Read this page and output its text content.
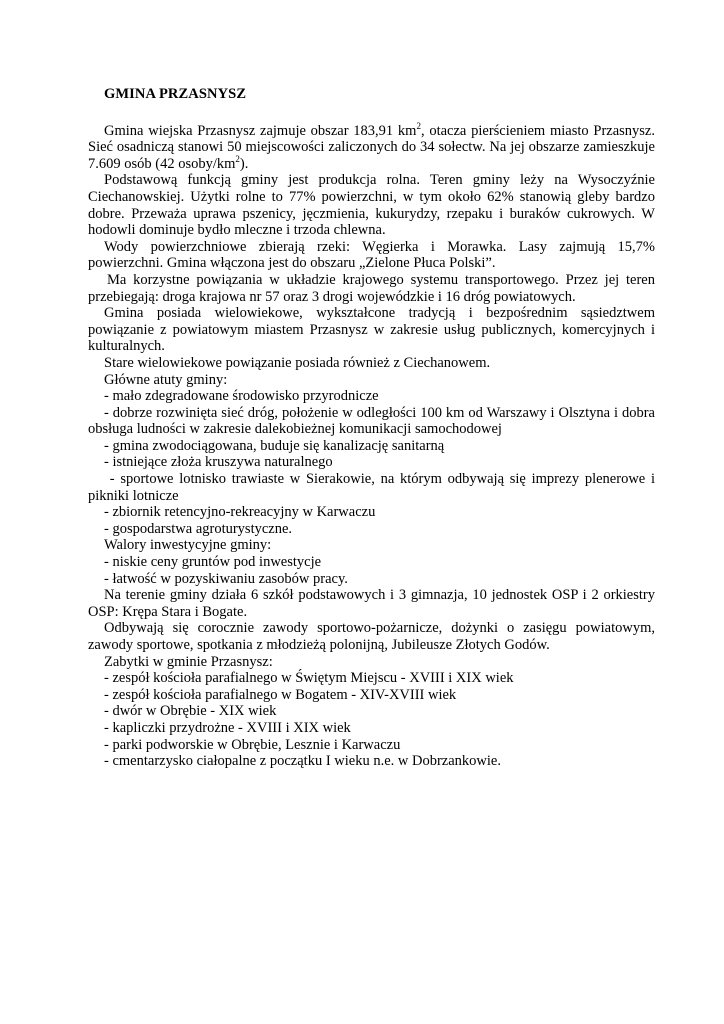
GMINA PRZASNYSZ

Gmina wiejska Przasnysz zajmuje obszar 183,91 $km^2$, otacza pierścieniem miasto Przasnysz. Sieć osadniczą stanowi 50 miejscowości zaliczonych do 34 sołectw. Na jej obszarze zamieszkuje 7.609 osób (42 osoby/$km^2$).

Podstawową funkcją gminy jest produkcja rolna. Teren gminy leży na Wysoczyźnie Ciechanowskiej. Użytki rolne to 77% powierzchni, w tym około 62% stanowią gleby bardzo dobre. Przeważa uprawa pszenicy, jęczmienia, kukurydzy, rzepaku i buraków cukrowych. W hodowli dominuje bydło mleczne i trzoda chlewna.

Wody powierzchniowe zbierają rzeki: Węgierka i Morawka. Lasy zajmują 15,7% powierzchni. Gmina włączona jest do obszaru „Zielone Płuca Polski”.

Ma korzystne powiązania w układzie krajowego systemu transportowego. Przez jej teren przebiegają: droga krajowa nr 57 oraz 3 drogi wojewódzkie i 16 dróg powiatowych.

Gmina posiada wielowiekowe, wykształcone tradycją i bezpośrednim sąsiedztwem powiązanie z powiatowym miastem Przasnysz w zakresie usług publicznych, komercyjnych i kulturalnych.

Stare wielowiekowe powiązanie posiada również z Ciechanowem.

Główne atuty gminy:

- mało zdegradowane środowisko przyrodnicze

- dobrze rozwinięta sieć dróg, położenie w odległości 100 km od Warszawy i Olsztyna i dobra obsługa ludności w zakresie dalekobieżnej komunikacji samochodowej

- gmina zwodociągowana, buduje się kanalizację sanitarną

- istniejące złoża kruszywa naturalnego

- sportowe lotnisko trawiaste w Sierakowie, na którym odbywają się imprezy plenerowe i pikniki lotnicze

- zbiornik retencyjno-rekreacyjny w Karwaczu

- gospodarstwa agroturystyczne.

Walory inwestycyjne gminy:

- niskie ceny gruntów pod inwestycje

- łatwość w pozyskiwaniu zasobów pracy.

Na terenie gminy działa 6 szkół podstawowych i 3 gimnazja, 10 jednostek OSP i 2 orkiestry OSP: Krępa Stara i Bogate.

Odbywają się corocznie zawody sportowo-pożarnicze, dożynki o zasięgu powiatowym, zawody sportowe, spotkania z młodzieżą polonijną, Jubileusze Złotych Godów.

Zabytki w gminie Przasnysz:

- zespół kościoła parafialnego w Świętym Miejscu - XVIII i XIX wiek

- zespół kościoła parafialnego w Bogatem - XIV-XVIII wiek

- dwór w Obrębie - XIX wiek

- kapliczki przydrożne - XVIII i XIX wiek

- parki podworskie w Obrębie, Lesznie i Karwaczu

- cmentarzysko ciałopalne z początku I wieku n.e. w Dobrzankowie.
